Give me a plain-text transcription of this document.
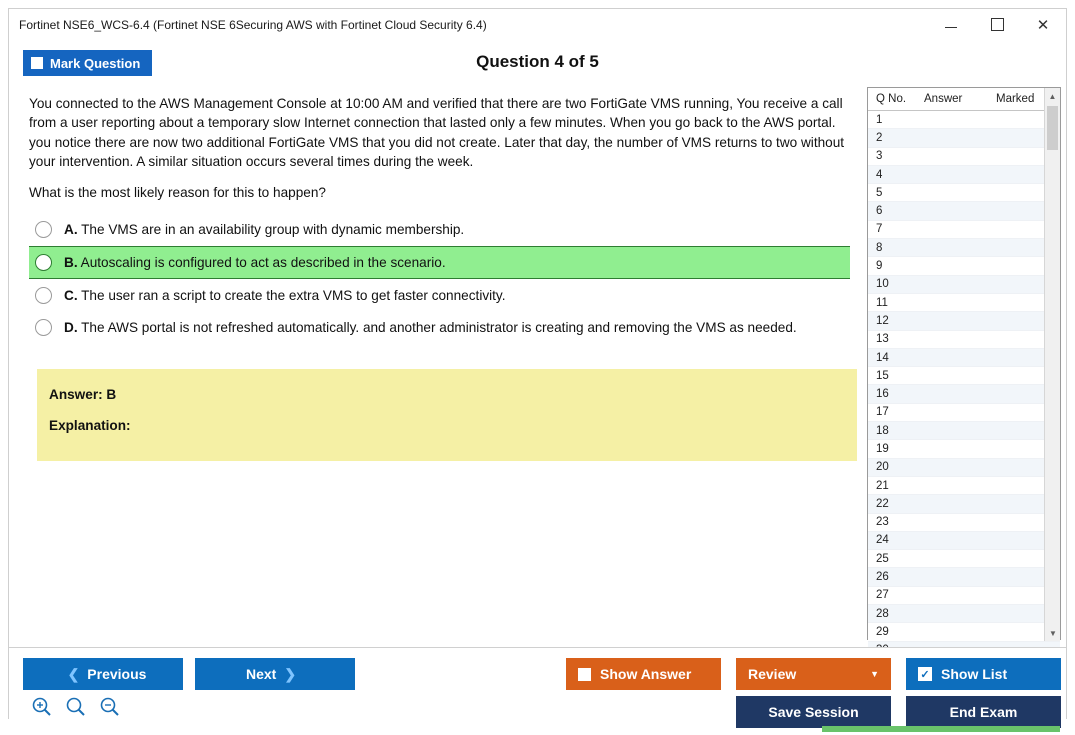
Fortinet NSE6_WCS-6.4 (Fortinet NSE 6Securing AWS with Fortinet Cloud Security 6.4)	✕
Mark Question	Question 4 of 5

You connected to the AWS Management Console at 10:00 AM and verified that there are two FortiGate VMS running, You receive a call from a user reporting about a temporary slow Internet connection that lasted only a few minutes. When you go back to the AWS portal. you notice there are now two additional FortiGate VMS that you did not create. Later that day, the number of VMS returns to two without your intervention. A similar situation occurs several times during the week.

What is the most likely reason for this to happen?

A. The VMS are in an availability group with dynamic membership.
B. Autoscaling is configured to act as described in the scenario.
C. The user ran a script to create the extra VMS to get faster connectivity.
D. The AWS portal is not refreshed automatically. and another administrator is creating and removing the VMS as needed.
Answer: B
Explanation:
Q No.	Answer	Marked
1
2
3
4
5
6
7
8
9
10
11
12
13
14
15
16
17
18
19
20
21
22
23
24
25
26
27
28
29
▲
▼
❮ Previous	Next ❯	Show Answer	Review	▼	✓ Show List
Save Session	End Exam
